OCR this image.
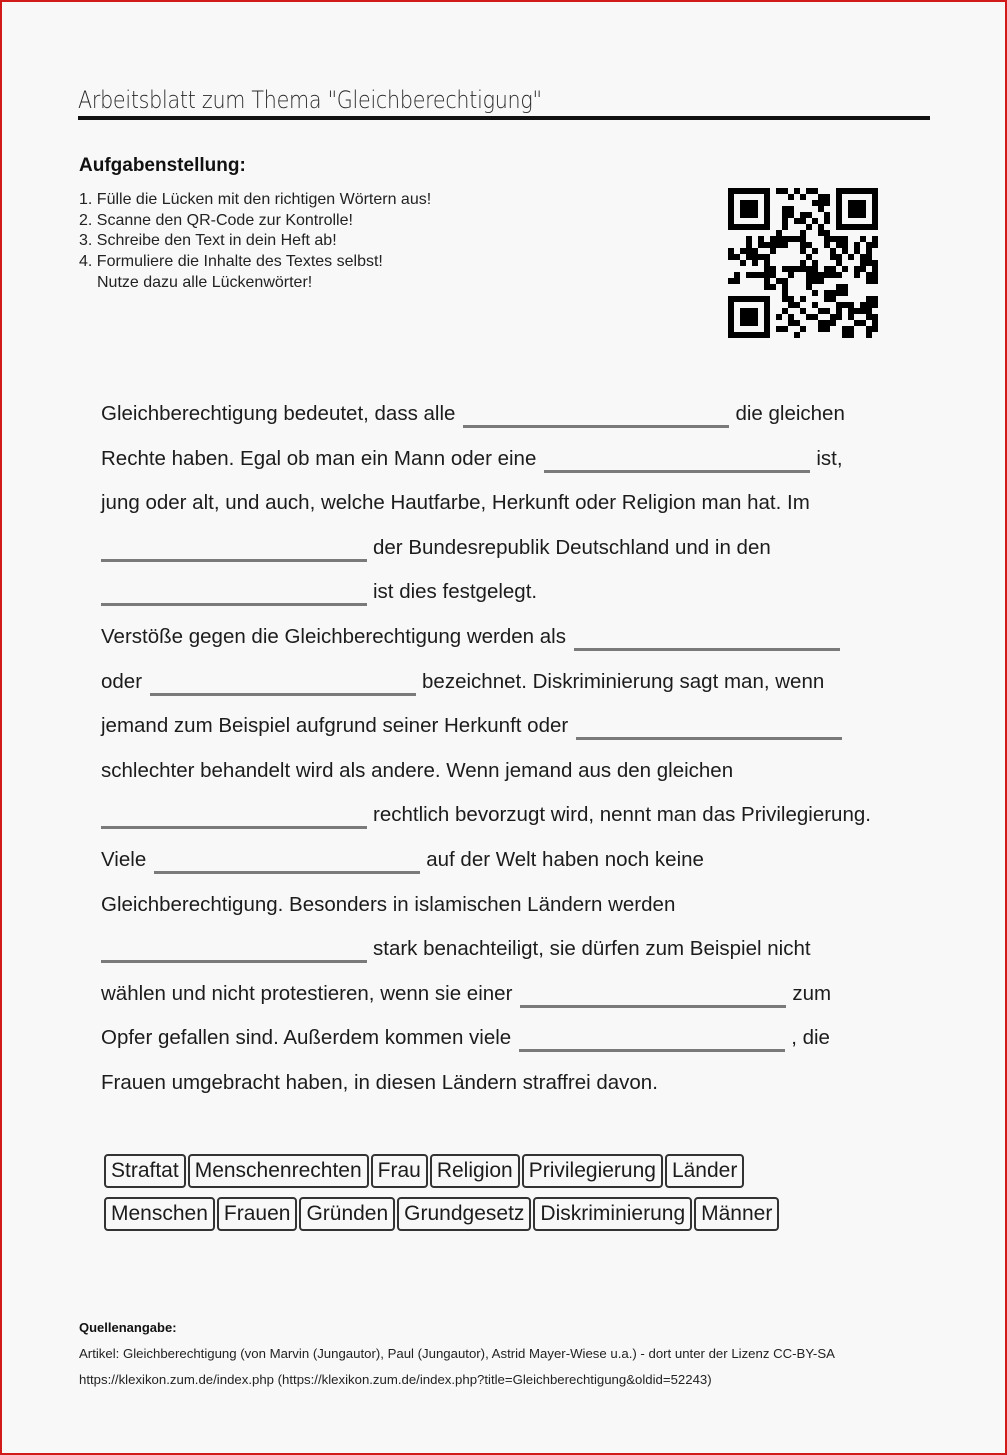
Arbeitsblatt zum Thema "Gleichberechtigung"
Aufgabenstellung:
1. Fülle die Lücken mit den richtigen Wörtern aus!
2. Scanne den QR-Code zur Kontrolle!
3. Schreibe den Text in dein Heft ab!
4. Formuliere die Inhalte des Textes selbst!
Nutze dazu alle Lückenwörter!
Gleichberechtigung bedeutet, dass alle	die gleichen
Rechte haben. Egal ob man ein Mann oder eine	ist,
jung oder alt, und auch, welche Hautfarbe, Herkunft oder Religion man hat. Im
der Bundesrepublik Deutschland und in den
ist dies festgelegt.
Verstöße gegen die Gleichberechtigung werden als
oder	bezeichnet. Diskriminierung sagt man, wenn
jemand zum Beispiel aufgrund seiner Herkunft oder
schlechter behandelt wird als andere. Wenn jemand aus den gleichen
rechtlich bevorzugt wird, nennt man das Privilegierung.
Viele	auf der Welt haben noch keine
Gleichberechtigung. Besonders in islamischen Ländern werden
stark benachteiligt, sie dürfen zum Beispiel nicht
wählen und nicht protestieren, wenn sie einer	zum
Opfer gefallen sind. Außerdem kommen viele	, die
Frauen umgebracht haben, in diesen Ländern straffrei davon.
Straftat Menschenrechten Frau Religion Privilegierung Länder
Menschen Frauen Gründen Grundgesetz Diskriminierung Männer
Quellenangabe:
Artikel: Gleichberechtigung (von Marvin (Jungautor), Paul (Jungautor), Astrid Mayer-Wiese u.a.) - dort unter der Lizenz CC-BY-SA
https://klexikon.zum.de/index.php (https://klexikon.zum.de/index.php?title=Gleichberechtigung&oldid=52243)
